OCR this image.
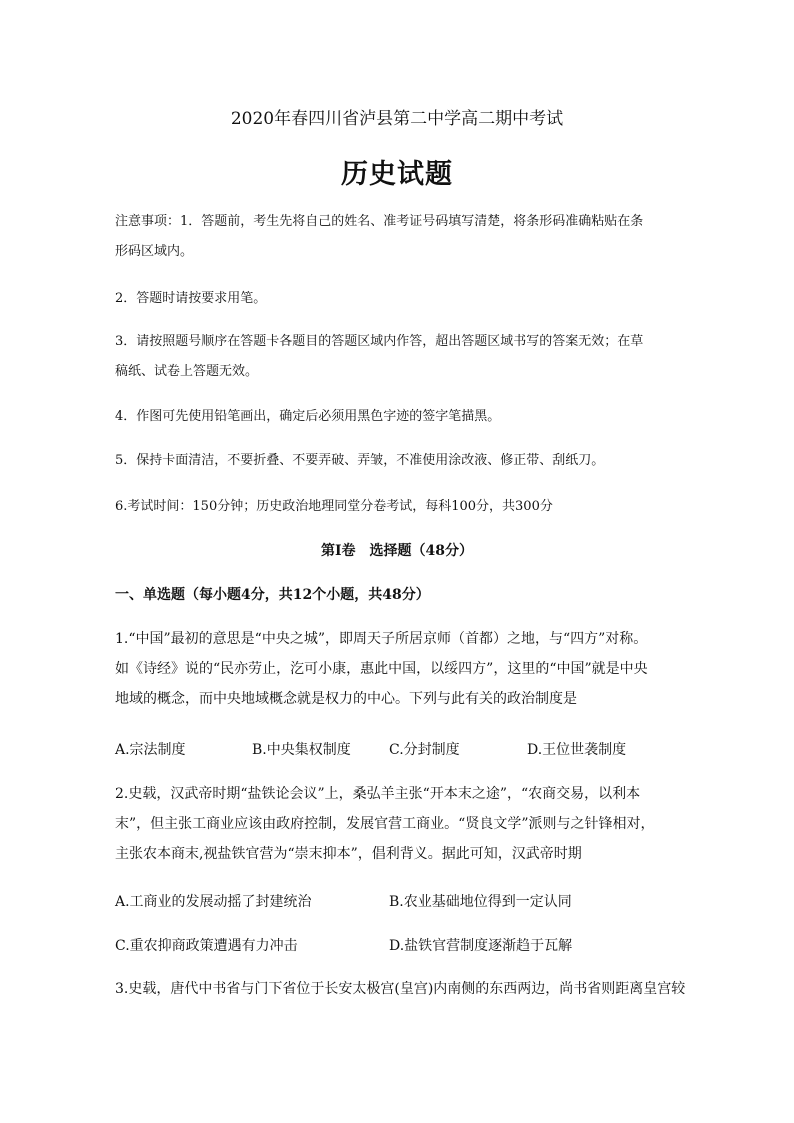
2020年春四川省泸县第二中学高二期中考试
历史试题
注意事项：1．答题前，考生先将自己的姓名、准考证号码填写清楚，将条形码准确粘贴在条
形码区域内。
2．答题时请按要求用笔。
3．请按照题号顺序在答题卡各题目的答题区域内作答，超出答题区域书写的答案无效；在草
稿纸、试卷上答题无效。
4．作图可先使用铅笔画出，确定后必须用黑色字迹的签字笔描黑。
5．保持卡面清洁，不要折叠、不要弄破、弄皱，不准使用涂改液、修正带、刮纸刀。
6.考试时间：150分钟；历史政治地理同堂分卷考试，每科100分，共300分
第I卷　选择题（48分）
一、单选题（每小题4分，共12个小题，共48分）
1.“中国”最初的意思是“中央之城”，即周天子所居京师（首都）之地，与“四方”对称。
如《诗经》说的“民亦劳止，汔可小康，惠此中国，以绥四方”，这里的“中国”就是中央
地域的概念，而中央地域概念就是权力的中心。下列与此有关的政治制度是
A.宗法制度	B.中央集权制度	C.分封制度	D.王位世袭制度
2.史载，汉武帝时期“盐铁论会议”上，桑弘羊主张“开本末之途”，“农商交易，以利本
末”，但主张工商业应该由政府控制，发展官营工商业。“贤良文学”派则与之针锋相对，
主张农本商末,视盐铁官营为“崇末抑本”，倡利背义。据此可知，汉武帝时期
A.工商业的发展动摇了封建统治	B.农业基础地位得到一定认同
C.重农抑商政策遭遇有力冲击	D.盐铁官营制度逐渐趋于瓦解
3.史载，唐代中书省与门下省位于长安太极宫(皇宫)内南侧的东西两边，尚书省则距离皇宫较
